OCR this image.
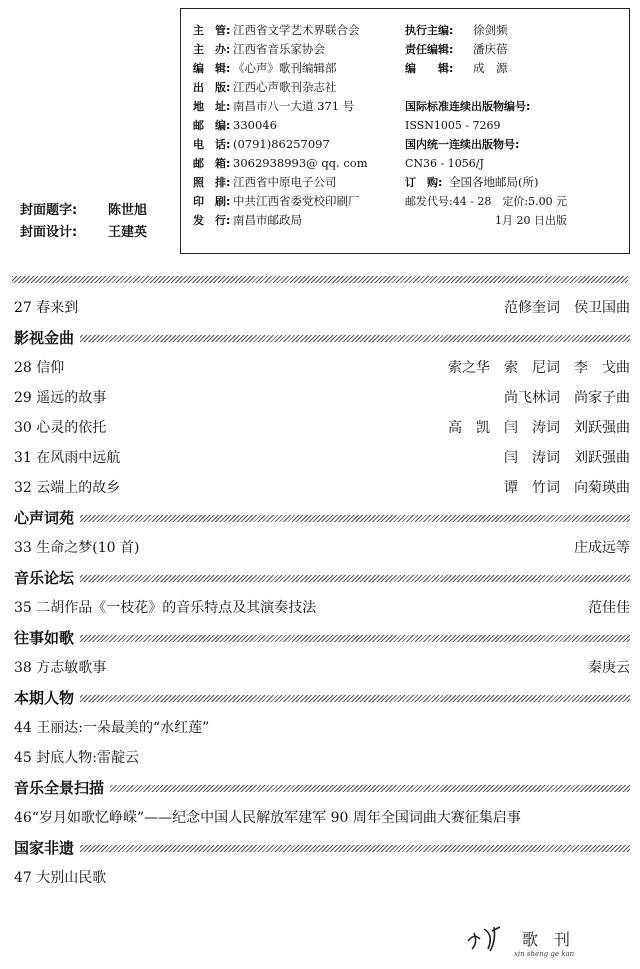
封面题字: 陈世旭
封面设计: 王建英
主　管: 江西省文学艺术界联合会
主　办: 江西省音乐家协会
编　辑: 《心声》歌刊编辑部
出　版: 江西心声歌刊杂志社
地　址: 南昌市八一大道 371 号
邮　编: 330046
电　话: (0791)86257097
邮　箱: 3062938993@ qq. com
照　排: 江西省中原电子公司
印　刷: 中共江西省委党校印刷厂
发　行: 南昌市邮政局
执行主编: 徐剑频
责任编辑: 潘庆蓓
编　　辑: 成　源
国际标准连续出版物编号:
ISSN1005 - 7269
国内统一连续出版物号:
CN36 - 1056/J
订　购: 全国各地邮局(所)
邮发代号:44 - 28　定价:5.00 元
1月 20 日出版
27 春来到	范修奎词　侯卫国曲
影视金曲
28 信仰	索之华　索　尼词　李　戈曲
29 遥远的故事	尚飞林词　尚家子曲
30 心灵的依托	高　凯　闫　涛词　刘跃强曲
31 在风雨中远航	闫　涛词　刘跃强曲
32 云端上的故乡	谭　竹词　向菊瑛曲
心声词苑
33 生命之梦(10 首)	庄成远等
音乐论坛
35 二胡作品《一枝花》的音乐特点及其演奏技法	范佳佳
往事如歌
38 方志敏歌事	秦庚云
本期人物
44 王丽达:一朵最美的“水红莲”
45 封底人物:雷靛云
音乐全景扫描
46“岁月如歌忆峥嵘”——纪念中国人民解放军建军 90 周年全国词曲大赛征集启事
国家非遗
47 大别山民歌
歌　刊
xin sheng ge kan
